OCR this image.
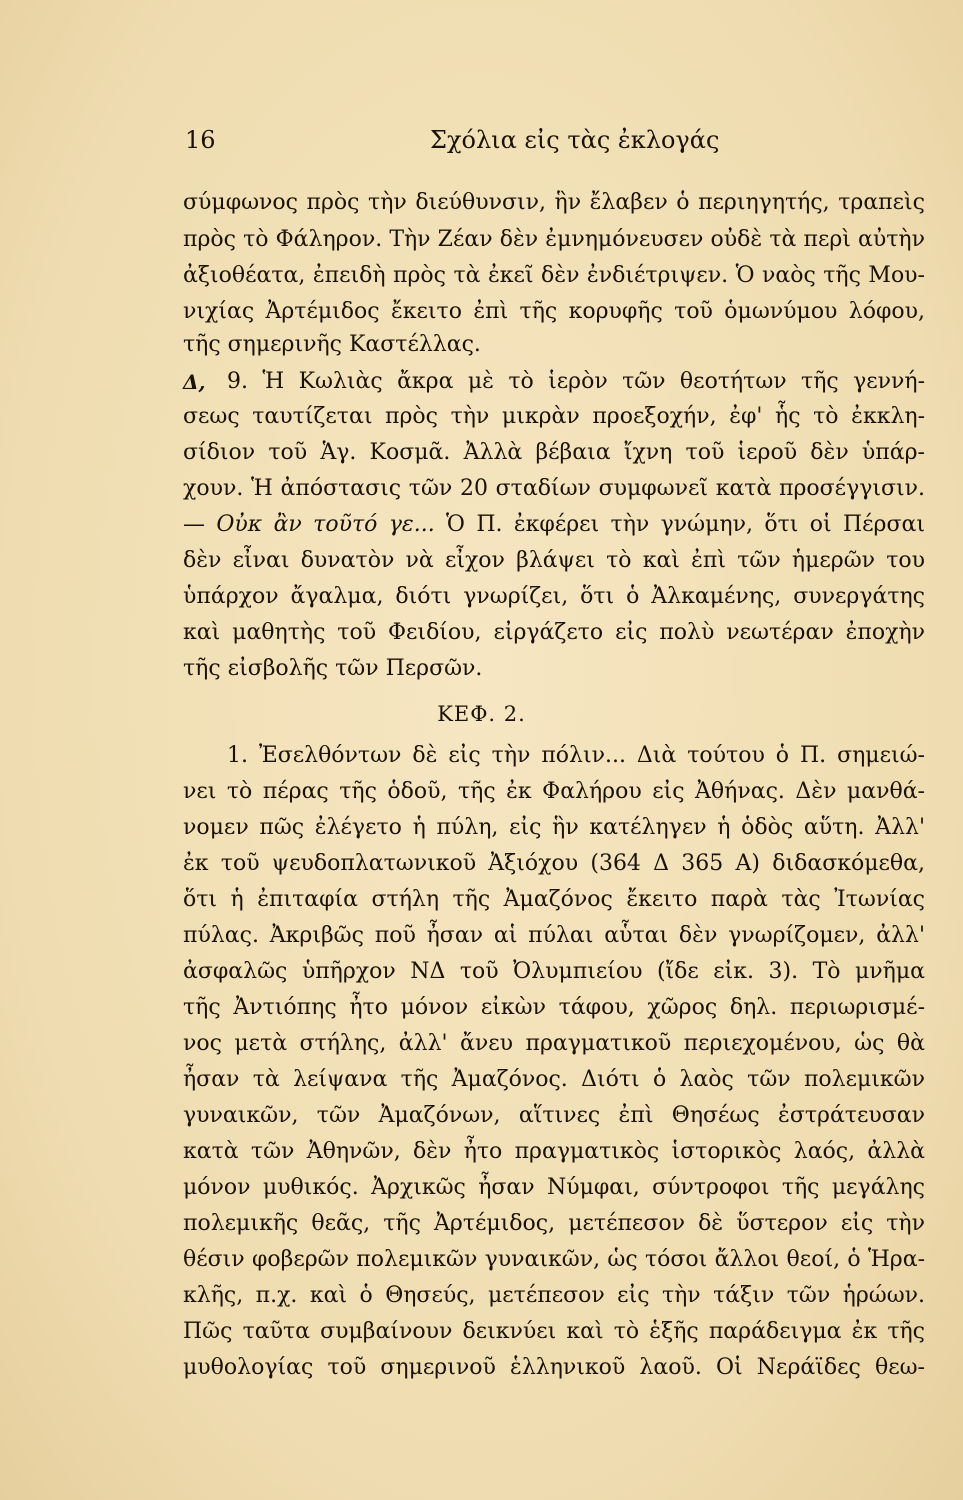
16	Σχόλια εἰς τὰς ἐκλογάς
σύμφωνος πρὸς τὴν διεύθυνσιν, ἣν ἔλαβεν ὁ περιηγητής, τραπεὶς
πρὸς τὸ Φάληρον. Τὴν Ζέαν δὲν ἐμνημόνευσεν οὐδὲ τὰ περὶ αὐτὴν
ἀξιοθέατα, ἐπειδὴ πρὸς τὰ ἐκεῖ δὲν ἐνδιέτριψεν. Ὁ ναὸς τῆς Μου-
νιχίας Ἀρτέμιδος ἔκειτο ἐπὶ τῆς κορυφῆς τοῦ ὁμωνύμου λόφου,
τῆς σημερινῆς Καστέλλας.
Δ, 9. Ἡ Κωλιὰς ἄκρα μὲ τὸ ἱερὸν τῶν θεοτήτων τῆς γεννή-
σεως ταυτίζεται πρὸς τὴν μικρὰν προεξοχήν, ἐφ' ἧς τὸ ἐκκλη-
σίδιον τοῦ Ἁγ. Κοσμᾶ. Ἀλλὰ βέβαια ἴχνη τοῦ ἱεροῦ δὲν ὑπάρ-
χουν. Ἡ ἀπόστασις τῶν 20 σταδίων συμφωνεῖ κατὰ προσέγγισιν.
— Οὐκ ἂν τοῦτό γε... Ὁ Π. ἐκφέρει τὴν γνώμην, ὅτι οἱ Πέρσαι
δὲν εἶναι δυνατὸν νὰ εἶχον βλάψει τὸ καὶ ἐπὶ τῶν ἡμερῶν του
ὑπάρχον ἄγαλμα, διότι γνωρίζει, ὅτι ὁ Ἀλκαμένης, συνεργάτης
καὶ μαθητὴς τοῦ Φειδίου, εἰργάζετο εἰς πολὺ νεωτέραν ἐποχὴν
τῆς εἰσβολῆς τῶν Περσῶν.
ΚΕΦ. 2.
1. Ἐσελθόντων δὲ εἰς τὴν πόλιν... Διὰ τούτου ὁ Π. σημειώ-
νει τὸ πέρας τῆς ὁδοῦ, τῆς ἐκ Φαλήρου εἰς Ἀθήνας. Δὲν μανθά-
νομεν πῶς ἐλέγετο ἡ πύλη, εἰς ἣν κατέληγεν ἡ ὁδὸς αὕτη. Ἀλλ'
ἐκ τοῦ ψευδοπλατωνικοῦ Ἀξιόχου (364 Δ 365 Α) διδασκόμεθα,
ὅτι ἡ ἐπιταφία στήλη τῆς Ἀμαζόνος ἔκειτο παρὰ τὰς Ἰτωνίας
πύλας. Ἀκριβῶς ποῦ ἦσαν αἱ πύλαι αὗται δὲν γνωρίζομεν, ἀλλ'
ἀσφαλῶς ὑπῆρχον ΝΔ τοῦ Ὀλυμπιείου (ἴδε εἰκ. 3). Τὸ μνῆμα
τῆς Ἀντιόπης ἦτο μόνον εἰκὼν τάφου, χῶρος δηλ. περιωρισμέ-
νος μετὰ στήλης, ἀλλ' ἄνευ πραγματικοῦ περιεχομένου, ὡς θὰ
ἦσαν τὰ λείψανα τῆς Ἀμαζόνος. Διότι ὁ λαὸς τῶν πολεμικῶν
γυναικῶν, τῶν Ἀμαζόνων, αἵτινες ἐπὶ Θησέως ἐστράτευσαν
κατὰ τῶν Ἀθηνῶν, δὲν ἦτο πραγματικὸς ἱστορικὸς λαός, ἀλλὰ
μόνον μυθικός. Ἀρχικῶς ἦσαν Νύμφαι, σύντροφοι τῆς μεγάλης
πολεμικῆς θεᾶς, τῆς Ἀρτέμιδος, μετέπεσον δὲ ὕστερον εἰς τὴν
θέσιν φοβερῶν πολεμικῶν γυναικῶν, ὡς τόσοι ἄλλοι θεοί, ὁ Ἡρα-
κλῆς, π.χ. καὶ ὁ Θησεύς, μετέπεσον εἰς τὴν τάξιν τῶν ἡρώων.
Πῶς ταῦτα συμβαίνουν δεικνύει καὶ τὸ ἑξῆς παράδειγμα ἐκ τῆς
μυθολογίας τοῦ σημερινοῦ ἑλληνικοῦ λαοῦ. Οἱ Νεράϊδες θεω-
